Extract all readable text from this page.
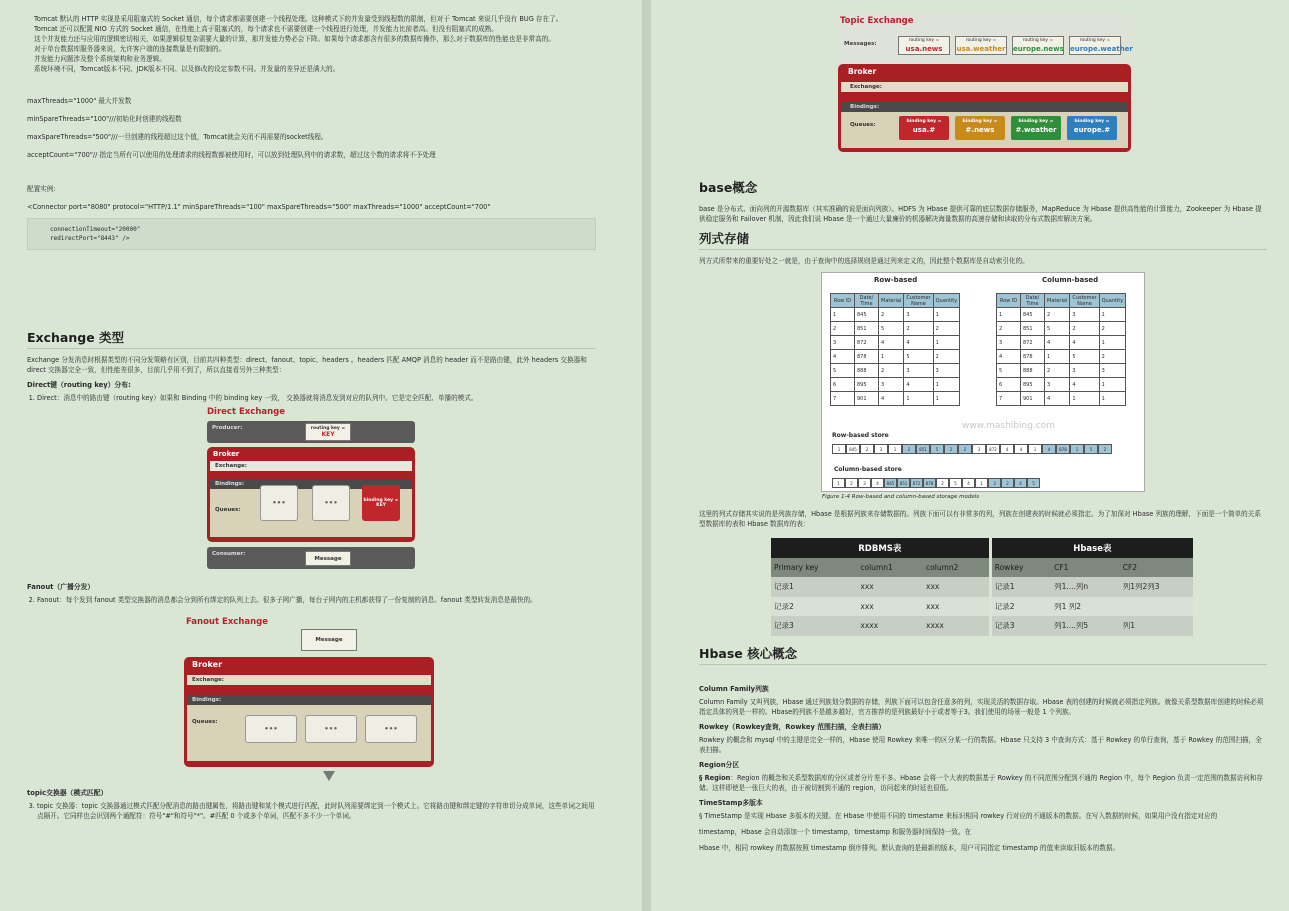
Tomcat 默认的 HTTP 实现是采用阻塞式的 Socket 通信，每个请求都需要创建一个线程处理。这种模式下的并发量受到线程数的限制，但对于 Tomcat 来说几乎没有 BUG 存在了。

Tomcat 还可以配置 NIO 方式的 Socket 通信，在性能上高于阻塞式的，每个请求也不需要创建一个线程进行处理，并发能力比前者高。但没有阻塞式的成熟。

这个并发能力还与应用的逻辑密切相关，如果逻辑很复杂需要大量的计算，那并发能力势必会下降。如果每个请求都含有很多的数据库操作，那么对于数据库的性能也是非常高的。

对于单台数据库服务器来说，允许客户端的连接数量是有限制的。

并发能力问题涉及整个系统架构和业务逻辑。

系统环境不同，Tomcat版本不同、JDK版本不同、以及修改的设定参数不同。并发量的差异还是满大的。

maxThreads="1000" 最大并发数

minSpareThreads="100"///初始化时创建的线程数

maxSpareThreads="500"///一旦创建的线程超过这个值，Tomcat就会关闭不再需要的socket线程。

acceptCount="700"// 指定当所有可以使用的处理请求的线程数都被使用时，可以放到处理队列中的请求数，超过这个数的请求将不予处理

配置实例:

<Connector port="8080" protocol="HTTP/1.1" minSpareThreads="100" maxSpareThreads="500" maxThreads="1000" acceptCount="700"

connectionTimeout="20000"
redirectPort="8443" />
Exchange 类型

Exchange 分发消息时根据类型的不同分发策略有区别，目前共四种类型：direct、fanout、topic、headers 。headers 匹配 AMQP 消息的 header 而不是路由键，此外 headers 交换器和 direct 交换器完全一致，但性能差很多，目前几乎用不到了，所以直接看另外三种类型：

Direct键（routing key）分布:
1. Direct：消息中的路由键（routing key）如果和 Binding 中的 binding key 一致， 交换器就将消息发到对应的队列中。它是完全匹配、单播的模式。
Direct Exchange
Producer:	routing key =
KEY
Broker
Exchange:
Bindings:
Queues:
•••	•••	binding key =
KEY
Consumer:
Message
Fanout（广播分发）
2. Fanout：每个发到 fanout 类型交换器的消息都会分到所有绑定的队列上去。很多子网广播，每台子网内的主机都获得了一份复制的消息。fanout 类型转发消息是最快的。
Fanout Exchange
Message
Broker
Exchange:
Bindings:
Queues:
•••	•••	•••
topic交换器（模式匹配）
3. topic 交换器：topic 交换器通过模式匹配分配消息的路由键属性，将路由键和某个模式进行匹配，此时队列需要绑定到一个模式上。它将路由键和绑定键的字符串切分成单词，这些单词之间用点隔开。它同样也会识别两个通配符：符号"#"和符号"*"。#匹配 0 个或多个单词，匹配不多不少一个单词。
Topic Exchange
Messages:
routing key =
usa.news
routing key =
usa.weather
routing key =
europe.news
routing key =
europe.weather
Broker
Exchange:
Bindings:
Queues:
binding key =
usa.#
binding key =
#.news
binding key =
#.weather
binding key =
europe.#
base概念

base 是分布式、面向列的开源数据库（其实准确的说是面向列族）。HDFS 为 Hbase 提供可靠的底层数据存储服务，MapReduce 为 Hbase 提供高性能的计算能力，Zookeeper 为 Hbase 提供稳定服务和 Failover 机制，因此我们说 Hbase 是一个通过大量廉价的机器解决海量数据的高速存储和读取的分布式数据库解决方案。

列式存储

列方式所带来的重要好处之一就是，由于查询中的选择规则是通过列来定义的，因此整个数据库是自动索引化的。

Row-based	Column-based
Row ID	Date/ Time	Material	Customer Name	Quantity
1	845	2	3	1
2	851	5	2	2
3	872	4	4	1
4	878	1	5	2
5	888	2	3	3
6	895	3	4	1
7	901	4	1	1
Row ID	Date/ Time	Material	Customer Name	Quantity
1	845	2	3	1
2	851	5	2	2
3	872	4	4	1
4	878	1	5	2
5	888	2	3	3
6	895	3	4	1
7	901	4	1	1
Row-based store
1	845	2	3	1	2	851	5	2	2	3	872	4	4	1	4	878	1	5	2
Column-based store
1	2	3	4	845	851	872	878	2	5	4	1	3	2	4	5
www.mashibing.com
Figure 1-4 Row-based and column-based storage models

这里的列式存储其实说的是列族存储，Hbase 是根据列族来存储数据的。列族下面可以有非常多的列，列族在创建表的时候就必须指定。为了加深对 Hbase 列族的理解，下面是一个简单的关系型数据库的表和 Hbase 数据库的表：

RDBMS表				Hbase表		
Primary key	column1	column2		Rowkey	CF1	CF2
记录1	xxx	xxx		记录1	列1....列n	列1列2列3
记录2	xxx	xxx		记录2	列1 列2	
记录3	xxxx	xxxx		记录3	列1....列5	列1
Hbase 核心概念
Column Family列族

Column Family 又叫列族，Hbase 通过列族划分数据的存储，列族下面可以包含任意多的列，实现灵活的数据存取。Hbase 表的创建的时候就必须指定列族。就像关系型数据库创建的时候必须指定具体的列是一样的。Hbase的列族不是越多越好，官方推荐的是列族最好小于或者等于3。我们使用的场景一般是 1 个列族。

Rowkey（Rowkey查询，Rowkey 范围扫描，全表扫描）

Rowkey 的概念和 mysql 中的主键是完全一样的，Hbase 使用 Rowkey 来唯一的区分某一行的数据。Hbase 只支持 3 中查询方式：基于 Rowkey 的单行查询，基于 Rowkey 的范围扫描，全表扫描。

Region分区

§ Region：Region 的概念和关系型数据库的分区或者分片差不多。Hbase 会将一个大表的数据基于 Rowkey 的不同范围分配到不通的 Region 中，每个 Region 负责一定范围的数据访问和存储。这样即使是一张巨大的表，由于被切割到不通的 region，访问起来的时延也很低。

TimeStamp多版本

§ TimeStamp 是实现 Hbase 多版本的关键。在 Hbase 中使用不同的 timestame 来标识相同 rowkey 行对应的不通版本的数据。在写入数据的时候，如果用户没有指定对应的

timestamp，Hbase 会自动添加一个 timestamp，timestamp 和服务器时间保持一致。在

Hbase 中，相同 rowkey 的数据按照 timestamp 倒序排列。默认查询的是最新的版本，用户可同指定 timestamp 的值来读取旧版本的数据。
